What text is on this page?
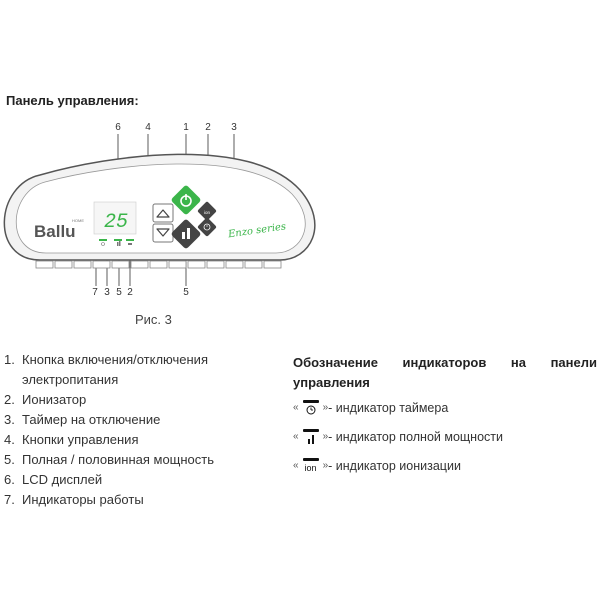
Панель управления:
6 4	1 2 3
7 3 5 2	5
Ballu
HOME 25	ion
Enzo series
Рис. 3
1. Кнопка включения/отключения
электропитания
2. Ионизатор
3. Таймер на отключение
4. Кнопки управления
5. Полная / половинная мощность
6. LCD дисплей
7. Индикаторы работы
Обозначение индикаторов на панели
управления
« » - индикатор таймера
« » - индикатор полной мощности
« ion » - индикатор ионизации
